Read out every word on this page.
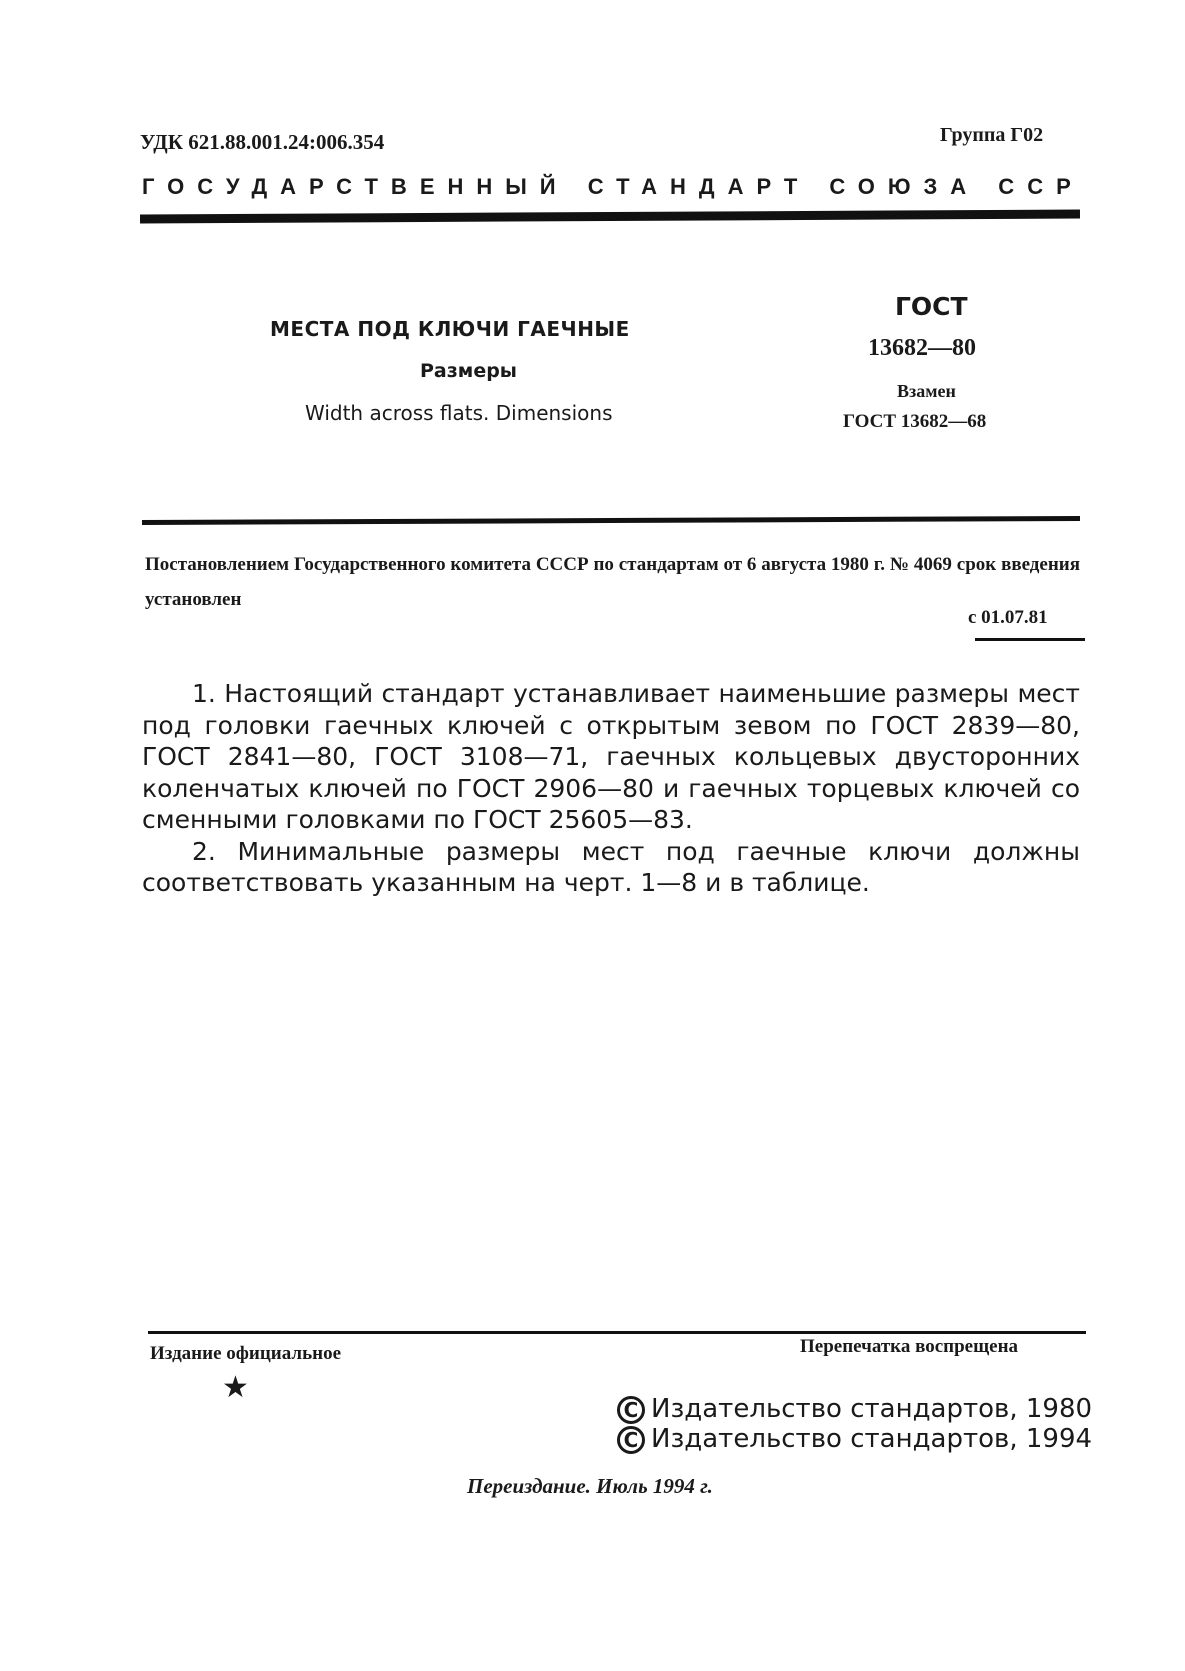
УДК 621.88.001.24:006.354	Группа Г02
ГОСУДАРСТВЕННЫЙ СТАНДАРТ СОЮЗА ССР
МЕСТА ПОД КЛЮЧИ ГАЕЧНЫЕ
Размеры
Width across flats. Dimensions
ГОСТ
13682—80
Взамен
ГОСТ 13682—68
Постановлением Государственного комитета СССР по стандартам от 6 августа 1980 г. № 4069 срок введения установлен
с 01.07.81

1. Настоящий стандарт устанавливает наименьшие размеры мест под головки гаечных ключей с открытым зевом по ГОСТ 2839—80, ГОСТ 2841—80, ГОСТ 3108—71, гаечных кольцевых двусторонних коленчатых ключей по ГОСТ 2906—80 и гаечных торцевых ключей со сменными головками по ГОСТ 25605—83.

2. Минимальные размеры мест под гаечные ключи должны соответствовать указанным на черт. 1—8 и в таблице.

Издание официальное	Перепечатка воспрещена
★
С Издательство стандартов, 1980
С Издательство стандартов, 1994
Переиздание. Июль 1994 г.
